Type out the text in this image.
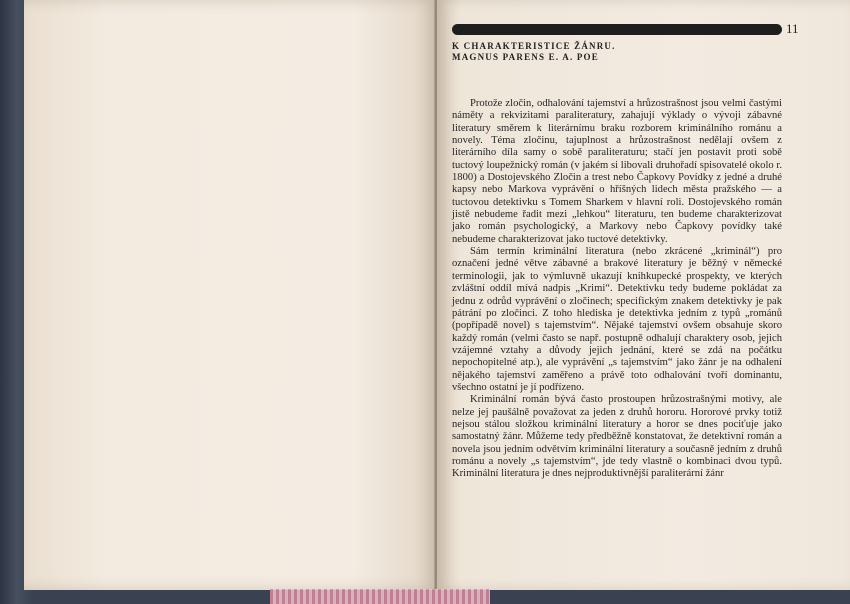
11
K CHARAKTERISTICE ŽÁNRU.
MAGNUS PARENS E. A. POE

Protože zločin, odhalování tajemství a hrůzostrašnost jsou velmi častými náměty a rekvizitami paraliteratury, zahajují výklady o vývoji zábavné literatury směrem k literárnímu braku rozborem kriminálního románu a novely. Téma zločinu, tajuplnost a hrůzostrašnost nedělají ovšem z literárního díla samy o sobě paraliteraturu; stačí jen postavit proti sobě tuctový loupežnický román (v jakém si libovali druhořadí spisovatelé okolo r. 1800) a Dostojevského Zločin a trest nebo Čapkovy Povídky z jedné a druhé kapsy nebo Markova vyprávění o hříšných lidech města pražského — a tuctovou detektivku s Tomem Sharkem v hlavní roli. Dostojevského román jistě nebudeme řadit mezi „lehkou“ literaturu, ten budeme charakterizovat jako román psychologický, a Markovy nebo Čapkovy povídky také nebudeme charakterizovat jako tuctové detektivky.

Sám termín kriminální literatura (nebo zkrácené „kriminál“) pro označení jedné větve zábavné a brakové literatury je běžný v německé terminologii, jak to výmluvně ukazují knihkupecké prospekty, ve kterých zvláštní oddíl mívá nadpis „Krimi“. Detektivku tedy budeme pokládat za jednu z odrůd vyprávění o zločinech; specifickým znakem detektivky je pak pátrání po zločinci. Z toho hlediska je detektivka jedním z typů „románů (popřípadě novel) s tajemstvím“. Nějaké tajemství ovšem obsahuje skoro každý román (velmi často se např. postupně odhalují charaktery osob, jejich vzájemné vztahy a důvody jejich jednání, které se zdá na počátku nepochopitelné atp.), ale vyprávění „s tajemstvím“ jako žánr je na odhalení nějakého tajemství zaměřeno a právě toto odhalování tvoří dominantu, všechno ostatní je jí podřízeno.

Kriminální román bývá často prostoupen hrůzostrašnými motivy, ale nelze jej paušálně považovat za jeden z druhů hororu. Hororové prvky totiž nejsou stálou složkou kriminální literatury a horor se dnes pociťuje jako samostatný žánr. Můžeme tedy předběžně konstatovat, že detektivní román a novela jsou jedním odvětvím kriminální literatury a současně jedním z druhů románu a novely „s tajemstvím“, jde tedy vlastně o kombinaci dvou typů. Kriminální literatura je dnes nejproduktivnější paraliterární žánr
